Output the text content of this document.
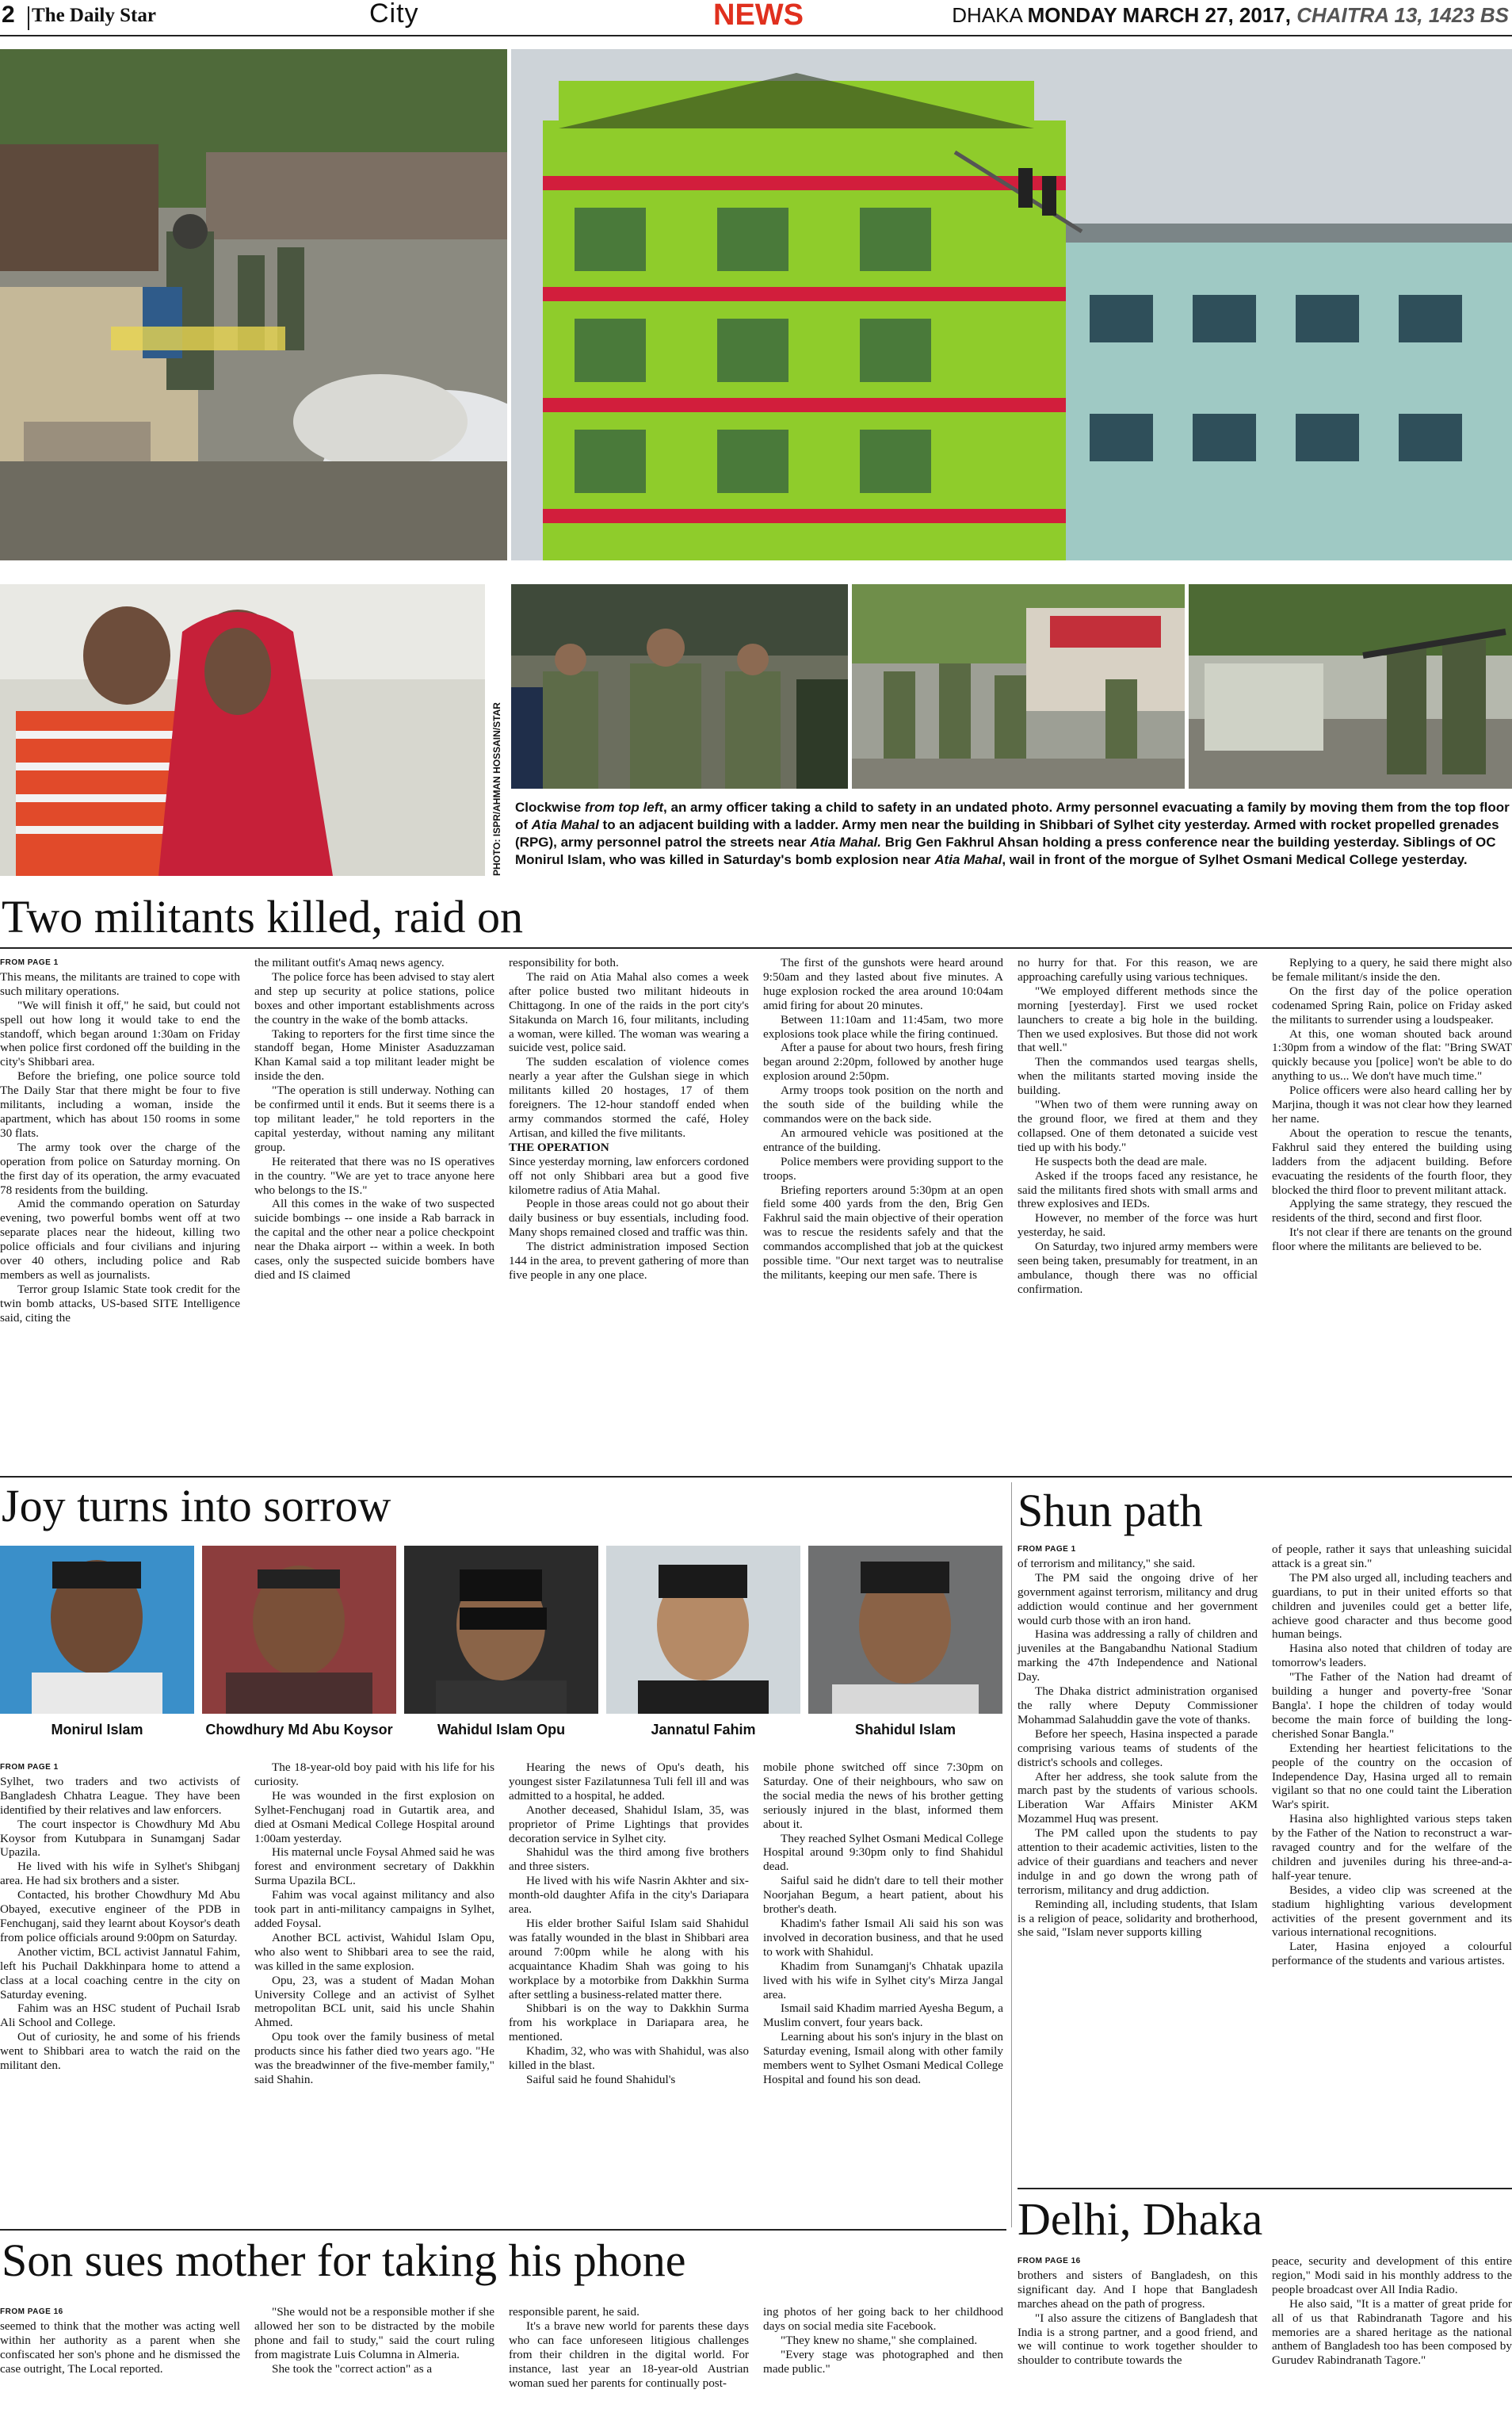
2 The Daily Star	City	NEWS	DHAKA MONDAY MARCH 27, 2017, CHAITRA 13, 1423 BS
PHOTO: ISPR/AHMAN HOSSAIN/STAR Clockwise from top left, an army officer taking a child to safety in an undated photo. Army personnel evacuating a family by moving them from the top floor of Atia Mahal to an adjacent building with a ladder. Army men near the building in Shibbari of Sylhet city yesterday. Armed with rocket propelled grenades (RPG), army personnel patrol the streets near Atia Mahal. Brig Gen Fakhrul Ahsan holding a press conference near the building yesterday. Siblings of OC Monirul Islam, who was killed in Saturday's bomb explosion near Atia Mahal, wail in front of the morgue of Sylhet Osmani Medical College yesterday.
Two militants killed, raid on
FROM PAGE 1

This means, the militants are trained to cope with such military operations.

"We will finish it off," he said, but could not spell out how long it would take to end the standoff, which began around 1:30am on Friday when police first cordoned off the building in the city's Shibbari area.

Before the briefing, one police source told The Daily Star that there might be four to five militants, including a woman, inside the apartment, which has about 150 rooms in some 30 flats.

The army took over the charge of the operation from police on Saturday morning. On the first day of its operation, the army evacuated 78 residents from the building.

Amid the commando operation on Saturday evening, two powerful bombs went off at two separate places near the hideout, killing two police officials and four civilians and injuring over 40 others, including police and Rab members as well as journalists.

Terror group Islamic State took credit for the twin bomb attacks, US-based SITE Intelligence said, citing the

the militant outfit's Amaq news agency.

The police force has been advised to stay alert and step up security at police stations, police boxes and other important establishments across the country in the wake of the bomb attacks.

Taking to reporters for the first time since the standoff began, Home Minister Asaduzzaman Khan Kamal said a top militant leader might be inside the den.

"The operation is still underway. Nothing can be confirmed until it ends. But it seems there is a top militant leader," he told reporters in the capital yesterday, without naming any militant group.

He reiterated that there was no IS operatives in the country. "We are yet to trace anyone here who belongs to the IS."

All this comes in the wake of two suspected suicide bombings -- one inside a Rab barrack in the capital and the other near a police checkpoint near the Dhaka airport -- within a week. In both cases, only the suspected suicide bombers have died and IS claimed

responsibility for both.

The raid on Atia Mahal also comes a week after police busted two militant hideouts in Chittagong. In one of the raids in the port city's Sitakunda on March 16, four militants, including a woman, were killed. The woman was wearing a suicide vest, police said.

The sudden escalation of violence comes nearly a year after the Gulshan siege in which militants killed 20 hostages, 17 of them foreigners. The 12-hour standoff ended when army commandos stormed the café, Holey Artisan, and killed the five militants.

THE OPERATION

Since yesterday morning, law enforcers cordoned off not only Shibbari area but a good five kilometre radius of Atia Mahal.

People in those areas could not go about their daily business or buy essentials, including food. Many shops remained closed and traffic was thin.

The district administration imposed Section 144 in the area, to prevent gathering of more than five people in any one place.

The first of the gunshots were heard around 9:50am and they lasted about five minutes. A huge explosion rocked the area around 10:04am amid firing for about 20 minutes.

Between 11:10am and 11:45am, two more explosions took place while the firing continued.

After a pause for about two hours, fresh firing began around 2:20pm, followed by another huge explosion around 2:50pm.

Army troops took position on the north and the south side of the building while the commandos were on the back side.

An armoured vehicle was positioned at the entrance of the building.

Police members were providing support to the troops.

Briefing reporters around 5:30pm at an open field some 400 yards from the den, Brig Gen Fakhrul said the main objective of their operation was to rescue the residents safely and that the commandos accomplished that job at the quickest possible time. "Our next target was to neutralise the militants, keeping our men safe. There is

no hurry for that. For this reason, we are approaching carefully using various techniques.

"We employed different methods since the morning [yesterday]. First we used rocket launchers to create a big hole in the building. Then we used explosives. But those did not work that well."

Then the commandos used teargas shells, when the militants started moving inside the building.

"When two of them were running away on the ground floor, we fired at them and they collapsed. One of them detonated a suicide vest tied up with his body."

He suspects both the dead are male.

Asked if the troops faced any resistance, he said the militants fired shots with small arms and threw explosives and IEDs.

However, no member of the force was hurt yesterday, he said.

On Saturday, two injured army members were seen being taken, presumably for treatment, in an ambulance, though there was no official confirmation.

Replying to a query, he said there might also be female militant/s inside the den.

On the first day of the police operation codenamed Spring Rain, police on Friday asked the militants to surrender using a loudspeaker.

At this, one woman shouted back around 1:30pm from a window of the flat: "Bring SWAT quickly because you [police] won't be able to do anything to us... We don't have much time."

Police officers were also heard calling her by Marjina, though it was not clear how they learned her name.

About the operation to rescue the tenants, Fakhrul said they entered the building using ladders from the adjacent building. Before evacuating the residents of the fourth floor, they blocked the third floor to prevent militant attack.

Applying the same strategy, they rescued the residents of the third, second and first floor.

It's not clear if there are tenants on the ground floor where the militants are believed to be.

Joy turns into sorrow
Monirul Islam	Chowdhury Md Abu Koysor	Wahidul Islam Opu	Jannatul Fahim	Shahidul Islam
FROM PAGE 1

Sylhet, two traders and two activists of Bangladesh Chhatra League. They have been identified by their relatives and law enforcers.

The court inspector is Chowdhury Md Abu Koysor from Kutubpara in Sunamganj Sadar Upazila.

He lived with his wife in Sylhet's Shibganj area. He had six brothers and a sister.

Contacted, his brother Chowdhury Md Abu Obayed, executive engineer of the PDB in Fenchuganj, said they learnt about Koysor's death from police officials around 9:00pm on Saturday.

Another victim, BCL activist Jannatul Fahim, left his Puchail Dakkhinpara home to attend a class at a local coaching centre in the city on Saturday evening.

Fahim was an HSC student of Puchail Israb Ali School and College.

Out of curiosity, he and some of his friends went to Shibbari area to watch the raid on the militant den.

The 18-year-old boy paid with his life for his curiosity.

He was wounded in the first explosion on Sylhet-Fenchuganj road in Gutartik area, and died at Osmani Medical College Hospital around 1:00am yesterday.

His maternal uncle Foysal Ahmed said he was forest and environment secretary of Dakkhin Surma Upazila BCL.

Fahim was vocal against militancy and also took part in anti-militancy campaigns in Sylhet, added Foysal.

Another BCL activist, Wahidul Islam Opu, who also went to Shibbari area to see the raid, was killed in the same explosion.

Opu, 23, was a student of Madan Mohan University College and an activist of Sylhet metropolitan BCL unit, said his uncle Shahin Ahmed.

Opu took over the family business of metal products since his father died two years ago. "He was the breadwinner of the five-member family," said Shahin.

Hearing the news of Opu's death, his youngest sister Fazilatunnesa Tuli fell ill and was admitted to a hospital, he added.

Another deceased, Shahidul Islam, 35, was proprietor of Prime Lightings that provides decoration service in Sylhet city.

Shahidul was the third among five brothers and three sisters.

He lived with his wife Nasrin Akhter and six-month-old daughter Afifa in the city's Dariapara area.

His elder brother Saiful Islam said Shahidul was fatally wounded in the blast in Shibbari area around 7:00pm while he along with his acquaintance Khadim Shah was going to his workplace by a motorbike from Dakkhin Surma after settling a business-related matter there.

Shibbari is on the way to Dakkhin Surma from his workplace in Dariapara area, he mentioned.

Khadim, 32, who was with Shahidul, was also killed in the blast.

Saiful said he found Shahidul's

mobile phone switched off since 7:30pm on Saturday. One of their neighbours, who saw on the social media the news of his brother getting seriously injured in the blast, informed them about it.

They reached Sylhet Osmani Medical College Hospital around 9:30pm only to find Shahidul dead.

Saiful said he didn't dare to tell their mother Noorjahan Begum, a heart patient, about his brother's death.

Khadim's father Ismail Ali said his son was involved in decoration business, and that he used to work with Shahidul.

Khadim from Sunamganj's Chhatak upazila lived with his wife in Sylhet city's Mirza Jangal area.

Ismail said Khadim married Ayesha Begum, a Muslim convert, four years back.

Learning about his son's injury in the blast on Saturday evening, Ismail along with other family members went to Sylhet Osmani Medical College Hospital and found his son dead.

Shun path
FROM PAGE 1

of terrorism and militancy," she said.

The PM said the ongoing drive of her government against terrorism, militancy and drug addiction would continue and her government would curb those with an iron hand.

Hasina was addressing a rally of children and juveniles at the Bangabandhu National Stadium marking the 47th Independence and National Day.

The Dhaka district administration organised the rally where Deputy Commissioner Mohammad Salahuddin gave the vote of thanks.

Before her speech, Hasina inspected a parade comprising various teams of students of the district's schools and colleges.

After her address, she took salute from the march past by the students of various schools. Liberation War Affairs Minister AKM Mozammel Huq was present.

The PM called upon the students to pay attention to their academic activities, listen to the advice of their guardians and teachers and never indulge in and go down the wrong path of terrorism, militancy and drug addiction.

Reminding all, including students, that Islam is a religion of peace, solidarity and brotherhood, she said, "Islam never supports killing

of people, rather it says that unleashing suicidal attack is a great sin."

The PM also urged all, including teachers and guardians, to put in their united efforts so that children and juveniles could get a better life, achieve good character and thus become good human beings.

Hasina also noted that children of today are tomorrow's leaders.

"The Father of the Nation had dreamt of building a hunger and poverty-free 'Sonar Bangla'. I hope the children of today would become the main force of building the long-cherished Sonar Bangla."

Extending her heartiest felicitations to the people of the country on the occasion of Independence Day, Hasina urged all to remain vigilant so that no one could taint the Liberation War's spirit.

Hasina also highlighted various steps taken by the Father of the Nation to reconstruct a war-ravaged country and for the welfare of the children and juveniles during his three-and-a-half-year tenure.

Besides, a video clip was screened at the stadium highlighting various development activities of the present government and its various international recognitions.

Later, Hasina enjoyed a colourful performance of the students and various artistes.

Son sues mother for taking his phone
FROM PAGE 16

seemed to think that the mother was acting well within her authority as a parent when she confiscated her son's phone and he dismissed the case outright, The Local reported.

"She would not be a responsible mother if she allowed her son to be distracted by the mobile phone and fail to study," said the court ruling from magistrate Luis Columna in Almeria.

She took the "correct action" as a

responsible parent, he said.

It's a brave new world for parents these days who can face unforeseen litigious challenges from their children in the digital world. For instance, last year an 18-year-old Austrian woman sued her parents for continually post-

ing photos of her going back to her childhood days on social media site Facebook.

"They knew no shame," she complained.

"Every stage was photographed and then made public."

Delhi, Dhaka
FROM PAGE 16

brothers and sisters of Bangladesh, on this significant day. And I hope that Bangladesh marches ahead on the path of progress.

"I also assure the citizens of Bangladesh that India is a strong partner, and a good friend, and we will continue to work together shoulder to shoulder to contribute towards the

peace, security and development of this entire region," Modi said in his monthly address to the people broadcast over All India Radio.

He also said, "It is a matter of great pride for all of us that Rabindranath Tagore and his memories are a shared heritage as the national anthem of Bangladesh too has been composed by Gurudev Rabindranath Tagore."
